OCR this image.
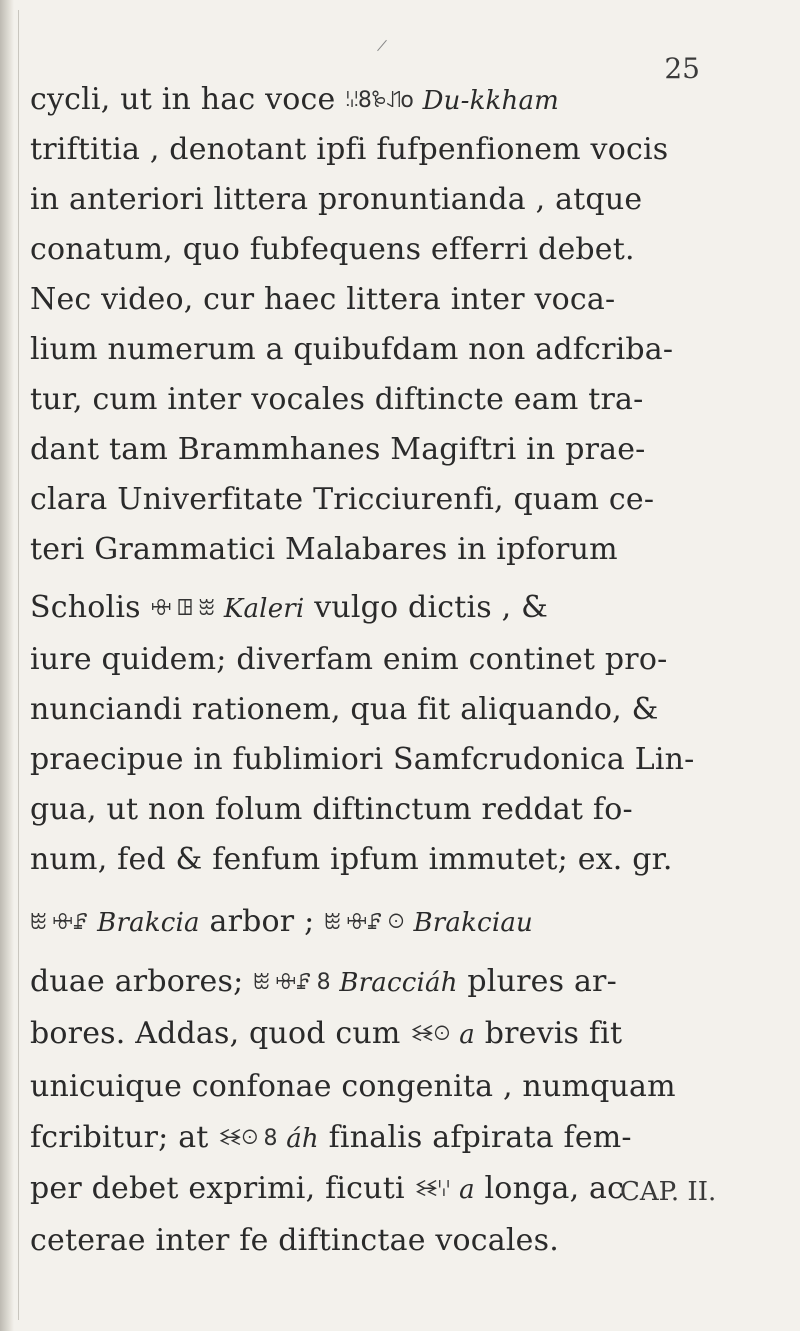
25
cycli, ut in hac voce ꗹ8ꘟꘗo Du-kkham
triftitia , denotant ipfi fufpenfionem vocis
in anteriori littera pronuntianda , atque
conatum, quo fubfequens efferri debet.
Nec video, cur haec littera inter voca-
lium numerum a quibufdam non adfcriba-
tur, cum inter vocales diftincte eam tra-
dant tam Brammhanes Magiftri in prae-
clara Univerfitate Tricciurenfi, quam ce-
teri Grammatici Malabares in ipforum
Scholis ꗳ ꖸ ꖿ Kaleri vulgo dictis , &
iure quidem; diverfam enim continet pro-
nunciandi rationem, qua fit aliquando, &
praecipue in fublimiori Samfcrudonica Lin-
gua, ut non folum diftinctum reddat fo-
num, fed & fenfum ipfum immutet; ex. gr.
ꖺ ꗳꗕ Brakcia arbor ; ꖺ ꗳꗕ ꖴ Brakciau
duae arbores; ꖺ ꗳꗕ 8 Bracciáh plures ar-
bores. Addas, quod cum ꘒꖴ a brevis fit
unicuique confonae congenita , numquam
fcribitur; at ꘒꖴ 8 áh finalis afpirata fem-
per debet exprimi, ficuti ꘒꗷ a longa, ac
ceterae inter fe diftinctae vocales.
CAP. II.
